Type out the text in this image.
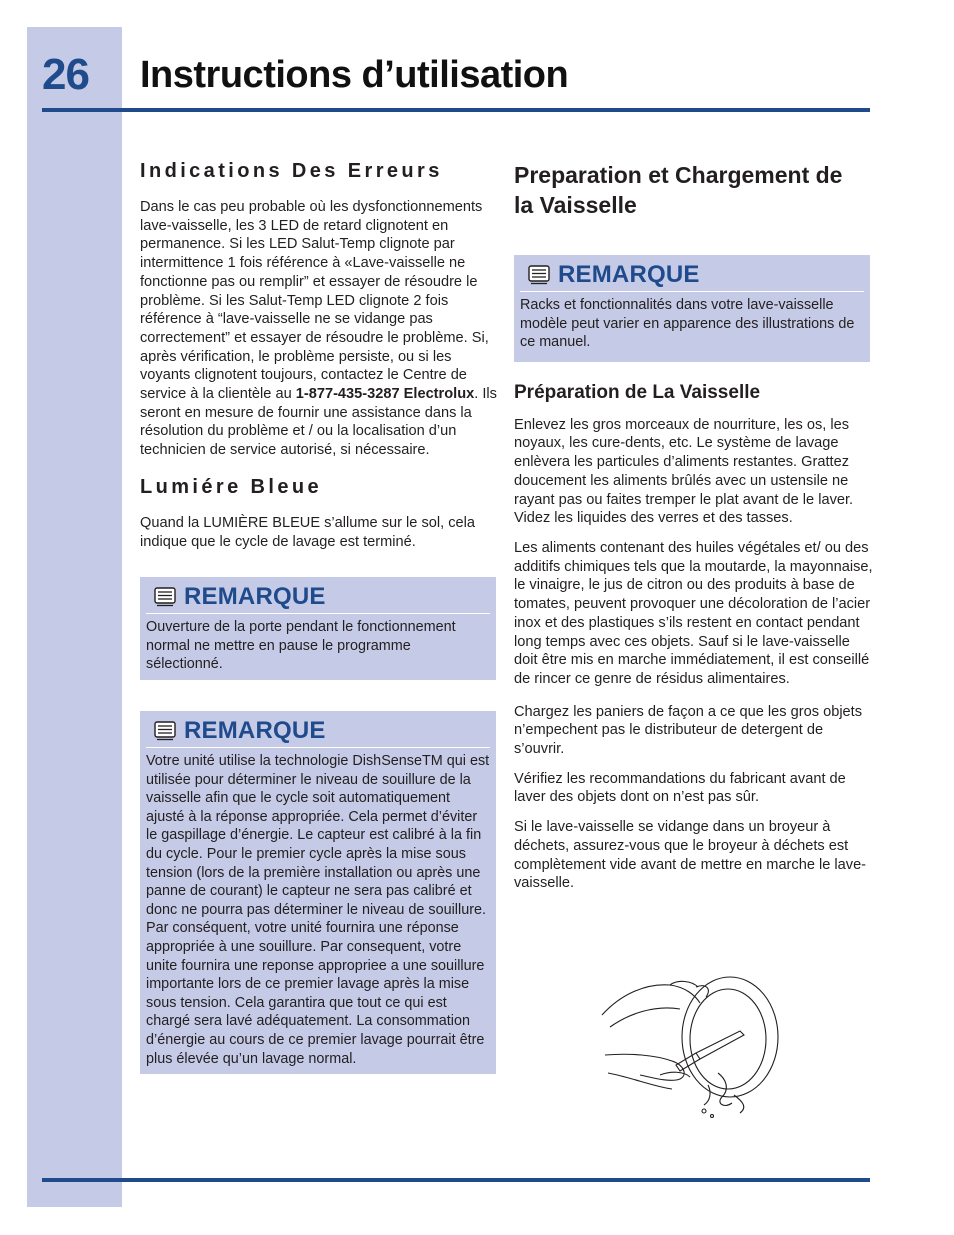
26 Instructions d’utilisation
Indications Des Erreurs

Dans le cas peu probable où les dysfonctionnements lave-vaisselle, les 3 LED de retard clignotent en permanence. Si les LED Salut-Temp clignote par intermittence 1 fois référence à «Lave-vaisselle ne fonctionne pas ou remplir” et essayer de résoudre le problème. Si les Salut-Temp LED clignote 2 fois référence à “lave-vaisselle ne se vidange pas correctement” et essayer de résoudre le problème. Si, après vérification, le problème persiste, ou si les voyants clignotent toujours, contactez le Centre de service à la clientèle au 1-877-435-3287 Electrolux. Ils seront en mesure de fournir une assistance dans la résolution du problème et / ou la localisation d’un technicien de service autorisé, si nécessaire.

Lumiére Bleue

Quand la LUMIÈRE BLEUE s’allume sur le sol, cela indique que le cycle de lavage est terminé.

REMARQUE

Ouverture de la porte pendant le fonctionnement normal ne mettre en pause le programme sélectionné.

REMARQUE

Votre unité utilise la technologie DishSenseTM qui est utilisée pour déterminer le niveau de souillure de la vaisselle afin que le cycle soit automatiquement ajusté à la réponse appropriée. Cela permet d’éviter le gaspillage d’énergie. Le capteur est calibré à la fin du cycle. Pour le premier cycle après la mise sous tension (lors de la première installation ou après une panne de courant) le capteur ne sera pas calibré et donc ne pourra pas déterminer le niveau de souillure. Par conséquent, votre unité fournira une réponse appropriée à une souillure. Par consequent, votre unite fournira une reponse appropriee a une souillure importante lors de ce premier lavage après la mise sous tension. Cela garantira que tout ce qui est chargé sera lavé adéquatement. La consommation d’énergie au cours de ce premier lavage pourrait être plus élevée qu’un lavage normal.

Preparation et Chargement de la Vaisselle
REMARQUE

Racks et fonctionnalités dans votre lave-vaisselle modèle peut varier en apparence des illustrations de ce manuel.

Préparation de La Vaisselle

Enlevez les gros morceaux de nourriture, les os, les noyaux, les cure-dents, etc. Le système de lavage enlèvera les particules d’aliments restantes. Grattez doucement les aliments brûlés avec un ustensile ne rayant pas ou faites tremper le plat avant de le laver. Videz les liquides des verres et des tasses.

Les aliments contenant des huiles végétales et/ ou des additifs chimiques tels que la moutarde, la mayonnaise, le vinaigre, le jus de citron ou des produits à base de tomates, peuvent provoquer une décoloration de l’acier inox et des plastiques s’ils restent en contact pendant long temps avec ces objets. Sauf si le lave-vaisselle doit être mis en marche immédiatement, il est conseillé de rincer ce genre de résidus alimentaires.

Chargez les paniers de façon a ce que les gros objets n’empechent pas le distributeur de detergent de s’ouvrir.

Vérifiez les recommandations du fabricant avant de laver des objets dont on n’est pas sûr.

Si le lave-vaisselle se vidange dans un broyeur à déchets, assurez-vous que le broyeur à déchets est complètement vide avant de mettre en marche le lave-vaisselle.
